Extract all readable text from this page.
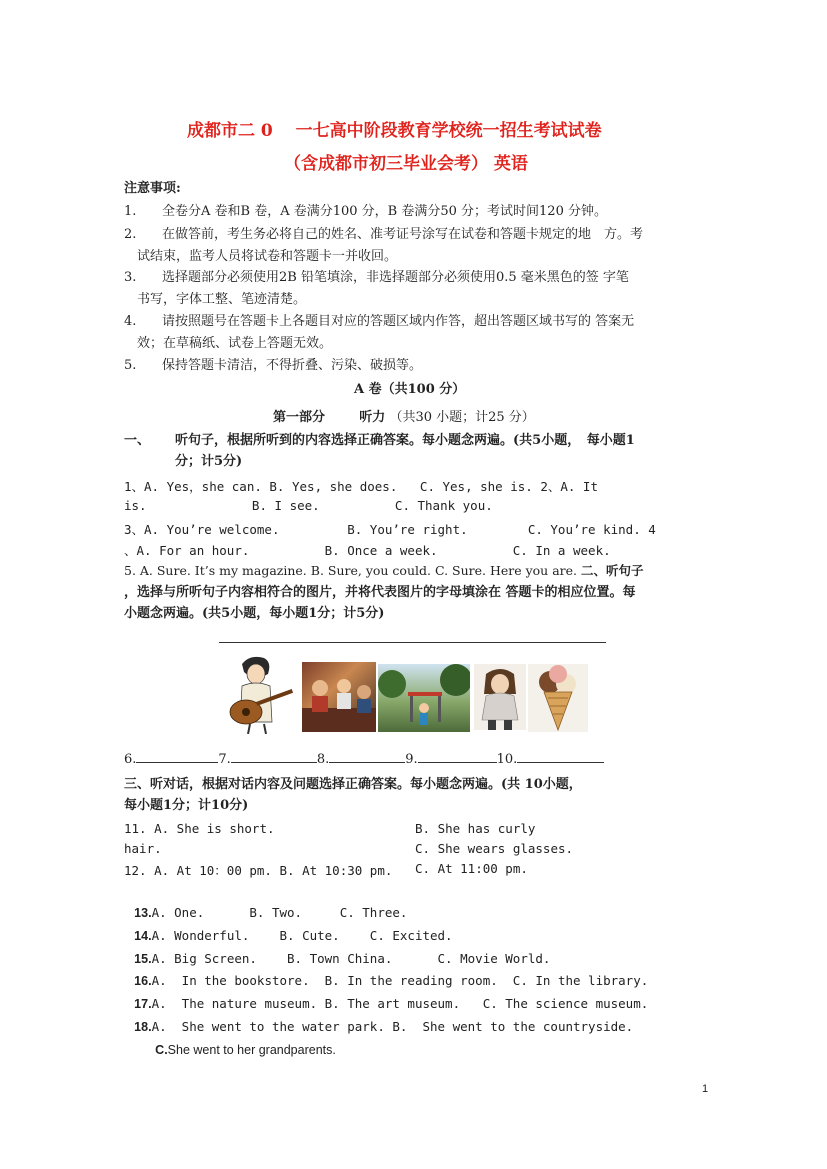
成都市二 0　 一七高中阶段教育学校统一招生考试试卷
（含成都市初三毕业会考） 英语
注意事项:
1. 全卷分A 卷和B 卷，A 卷满分100 分，B 卷满分50 分；考试时间120 分钟。
2. 在做答前，考生务必将自己的姓名、准考证号涂写在试卷和答题卡规定的地　方。考
试结束，监考人员将试卷和答题卡一并收回。
3. 选择题部分必须使用2B 铅笔填涂，非选择题部分必须使用0.5 毫米黑色的签 字笔
书写，字体工整、笔迹清楚。
4. 请按照题号在答题卡上各题目对应的答题区域内作答，超出答题区域书写的 答案无
效；在草稿纸、试卷上答题无效。
5. 保持答题卡清洁，不得折叠、污染、破损等。
A 卷（共100 分）
第一部分	听力 （共30 小题；计25 分）
一、 听句子，根据所听到的内容选择正确答案。每小题念两遍。(共5小题，　每小题1
分；计5分)
1、A. Yes，she can. B. Yes, she does.   C. Yes, she is. 2、A. It
is.              B. I see.          C. Thank you.
3、A. You’re welcome.         B. You’re right.        C. You’re kind. 4
、A. For an hour.          B. Once a week.          C. In a week.
5. A. Sure. It’s my magazine. B. Sure, you could. C. Sure. Here you are. 二、听句子
，选择与所听句子内容相符合的图片，并将代表图片的字母填涂在 答题卡的相应位置。每
小题念两遍。(共5小题，每小题1分；计5分)
6.	7.	8.	9.	10.
三、听对话，根据对话内容及问题选择正确答案。每小题念两遍。(共 10小题，
每小题1分；计10分)
11. A. She is short.	B. She has curly
hair.	C. She wears glasses.
12. A. At 10：00 pm. B. At 10:30 pm. C. At 11:00 pm.

13.A. One.      B. Two.     C. Three.

14.A. Wonderful.    B. Cute.    C. Excited.

15.A. Big Screen.    B. Town China.      C. Movie World.

16.A.  In the bookstore.  B. In the reading room.  C. In the library.

17.A.  The nature museum. B. The art museum.   C. The science museum.

18.A.  She went to the water park. B.  She went to the countryside.

C.She went to her grandparents.

1
